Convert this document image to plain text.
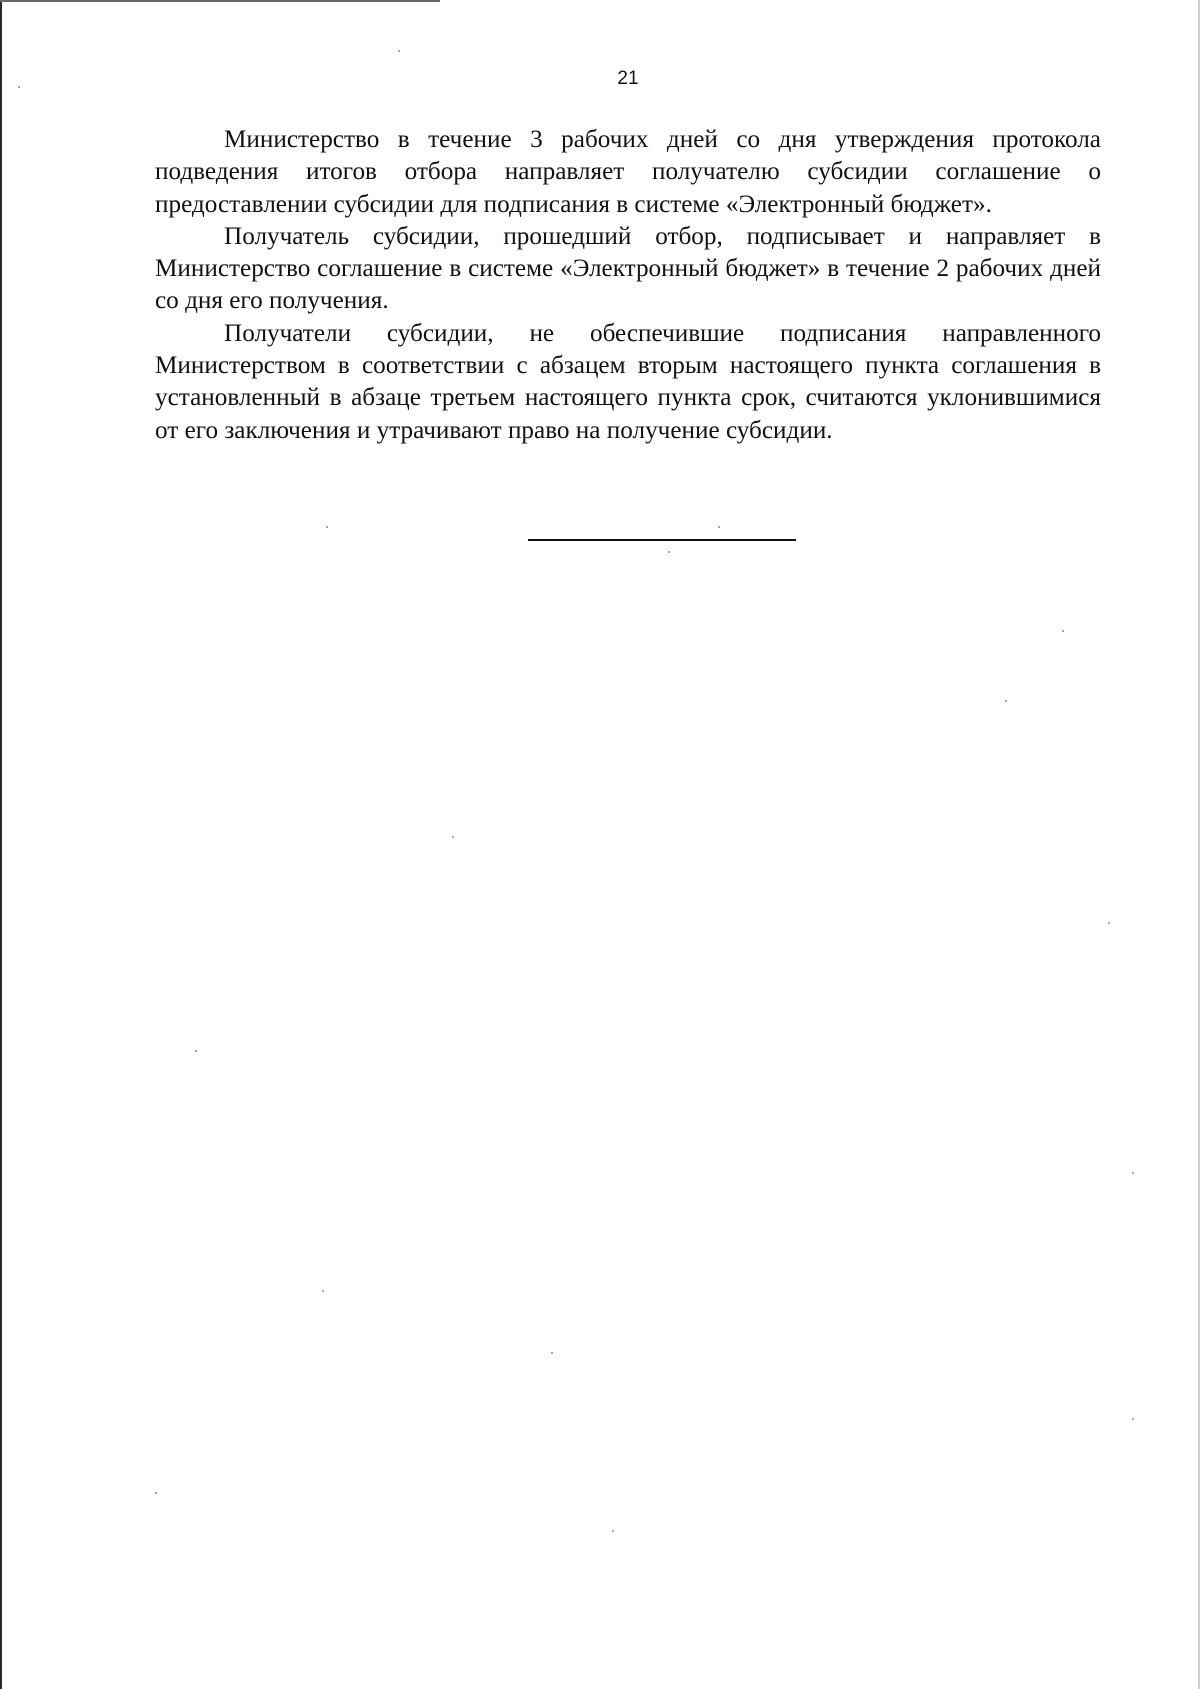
21

Министерство в течение 3 рабочих дней со дня утверждения протокола подведения итогов отбора направляет получателю субсидии соглашение о предоставлении субсидии для подписания в системе «Электронный бюджет».

Получатель субсидии, прошедший отбор, подписывает и направляет в Министерство соглашение в системе «Электронный бюджет» в течение 2 рабочих дней со дня его получения.

Получатели субсидии, не обеспечившие подписания направленного Министерством в соответствии с абзацем вторым настоящего пункта соглашения в установленный в абзаце третьем настоящего пункта срок, считаются уклонившимися от его заключения и утрачивают право на получение субсидии.
